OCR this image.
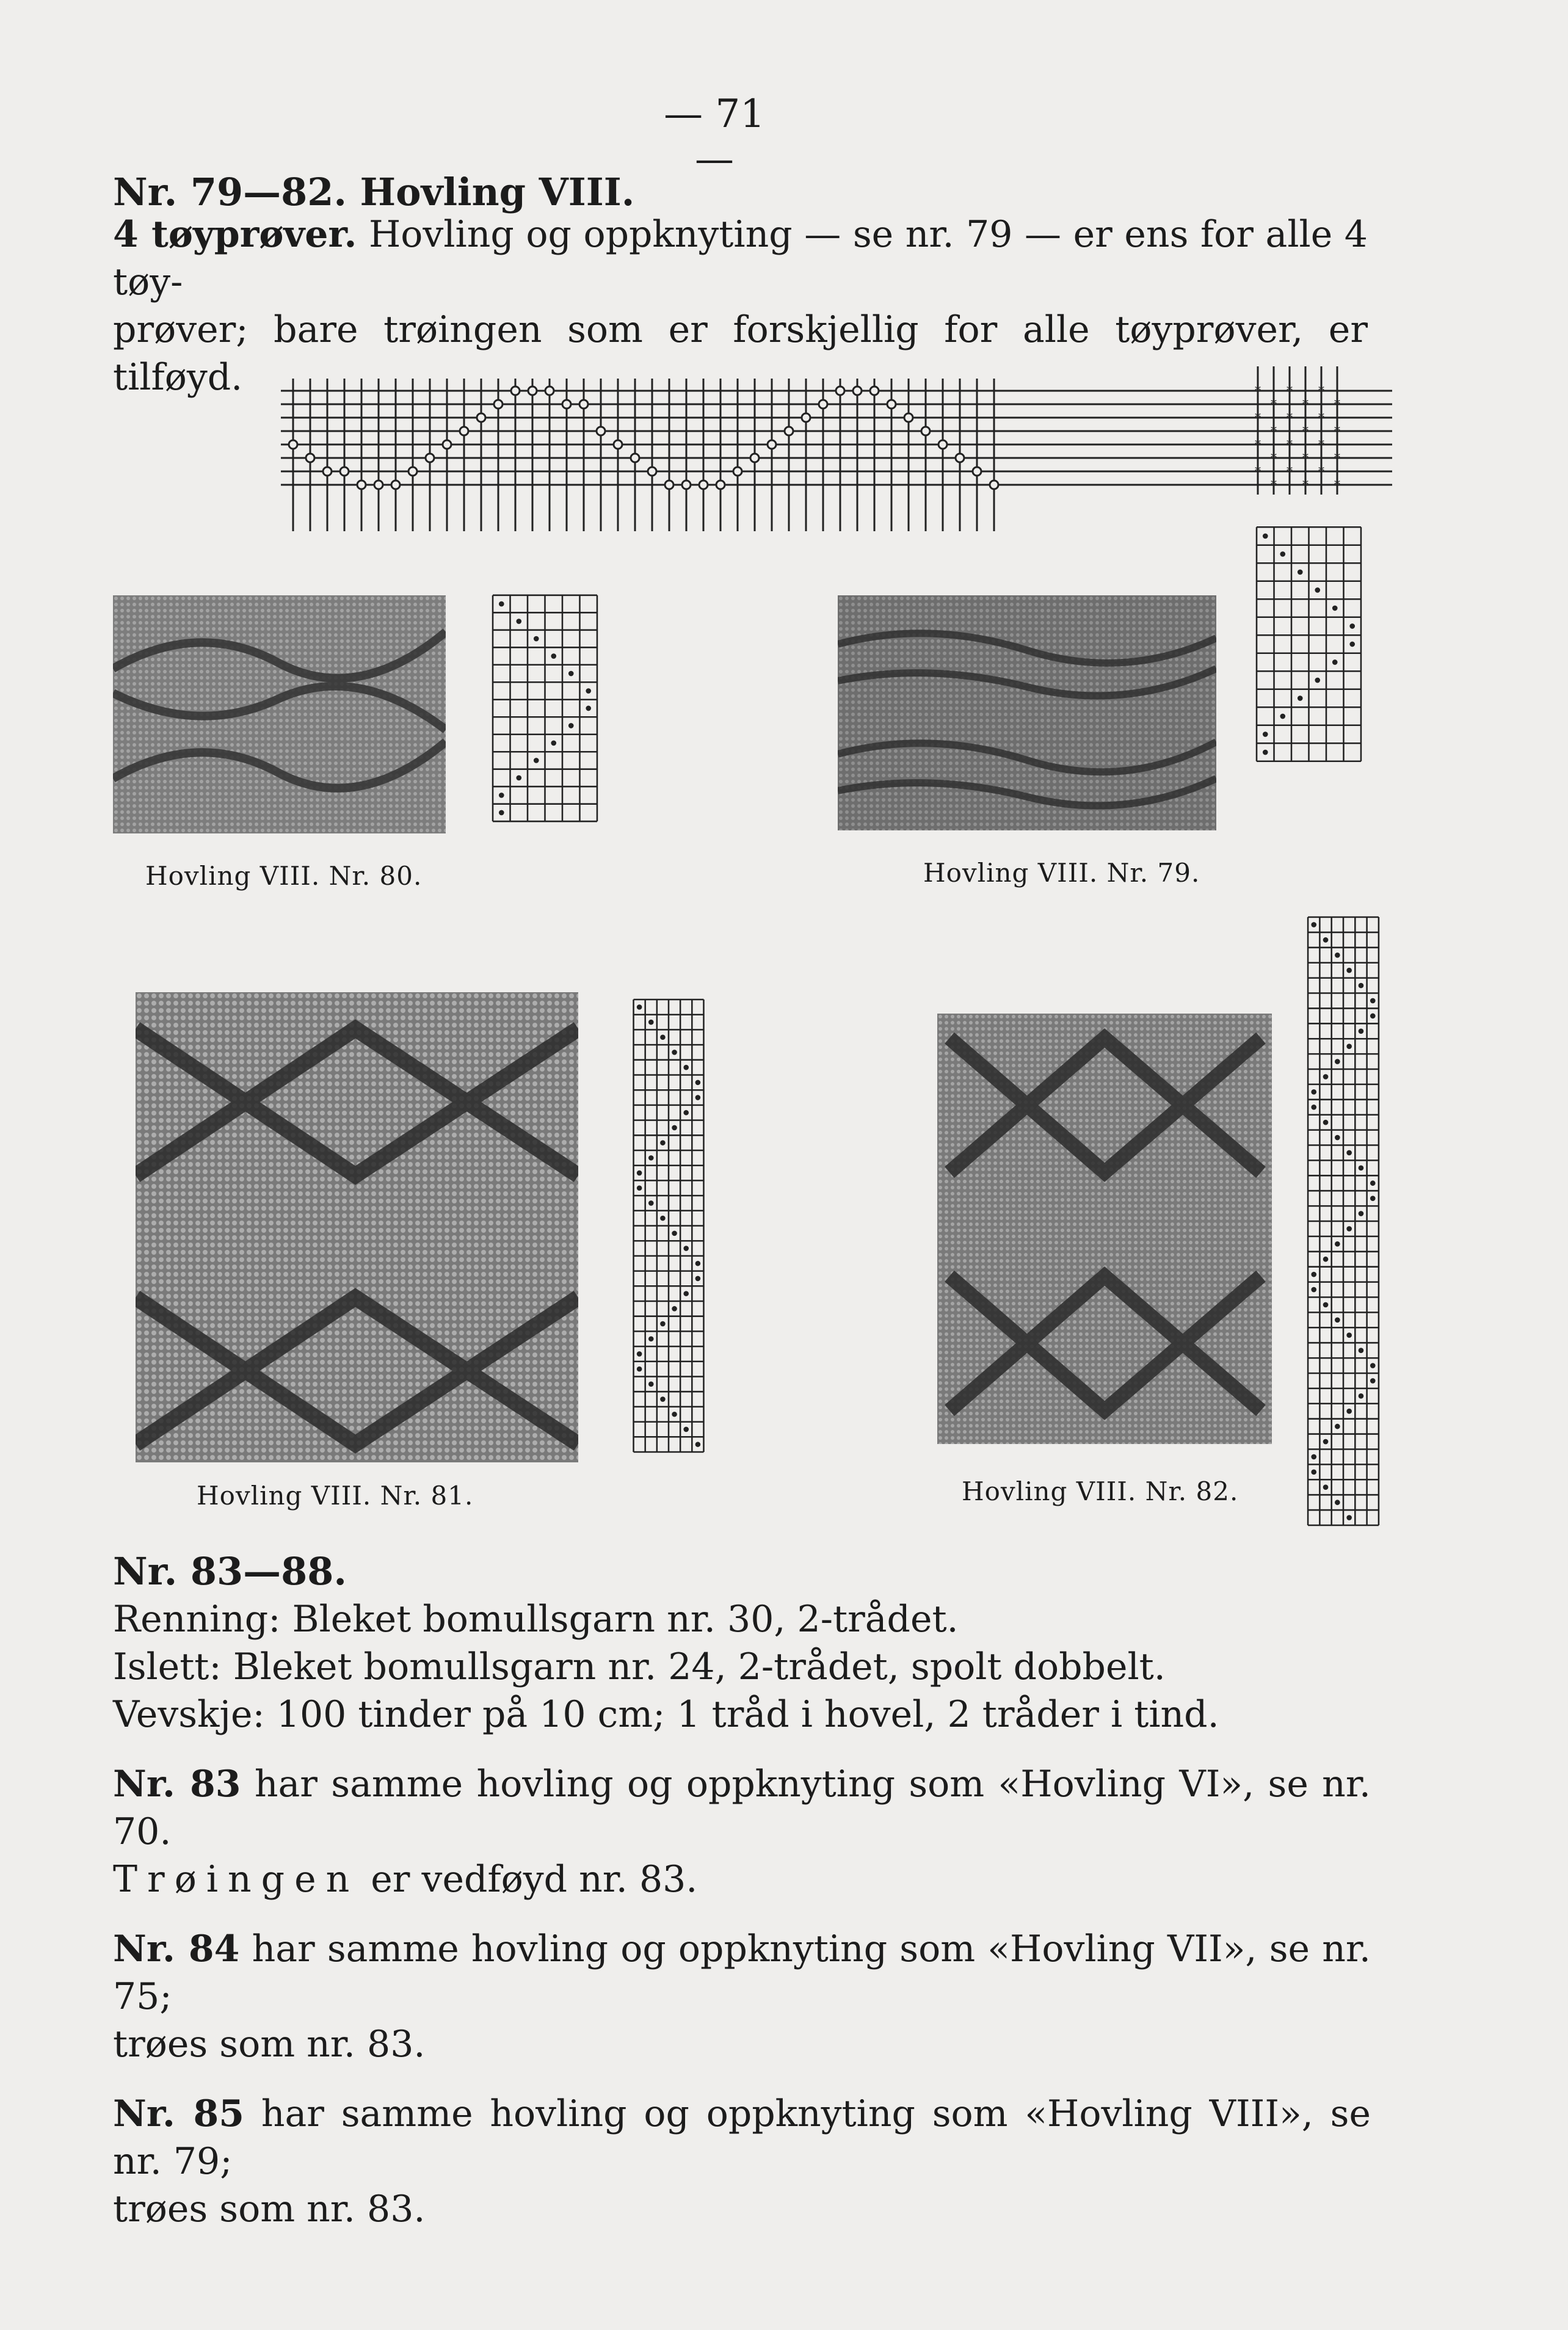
— 71 —
Nr. 79—82. Hovling VIII.
4 tøyprøver. Hovling og oppknyting — se nr. 79 — er ens for alle 4 tøy-
prøver; bare trøingen som er forskjellig for alle tøyprøver, er tilføyd.	* * *
* * *
* * *
* * *
* * *
* * *
* * *
* * *
Hovling VIII. Nr. 80.	Hovling VIII. Nr. 79.
Hovling VIII. Nr. 81.	Hovling VIII. Nr. 82.
Nr. 83—88.
Renning: Bleket bomullsgarn nr. 30, 2-trådet.
Islett: Bleket bomullsgarn nr. 24, 2-trådet, spolt dobbelt.
Vevskje: 100 tinder på 10 cm; 1 tråd i hovel, 2 tråder i tind.
Nr. 83 har samme hovling og oppknyting som «Hovling VI», se nr. 70.
Trøingen er vedføyd nr. 83.
Nr. 84 har samme hovling og oppknyting som «Hovling VII», se nr. 75;
trøes som nr. 83.
Nr. 85 har samme hovling og oppknyting som «Hovling VIII», se nr. 79;
trøes som nr. 83.
